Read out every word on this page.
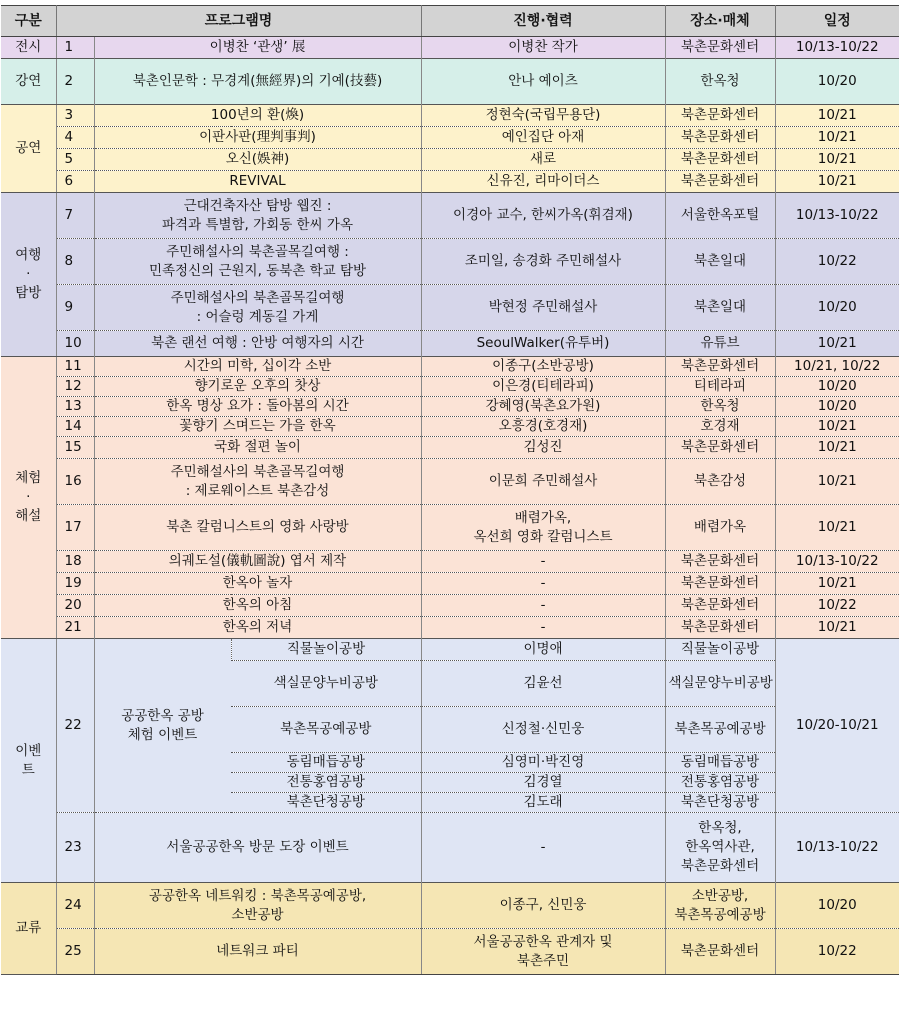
구분	프로그램명			진행·협력	장소·매체	일정
전시	1	이병찬 ‘관생’ 展		이병찬 작가	북촌문화센터	10/13-10/22
강연	2	북촌인문학 : 무경계(無經界)의 기예(技藝)		안나 예이츠	한옥청	10/20
공연	3	100년의 환(煥)		정현숙(국립무용단)	북촌문화센터	10/21
	4	이판사판(理判事判)		예인집단 아재	북촌문화센터	10/21
	5	오신(娛神)		새로	북촌문화센터	10/21
	6	REVIVAL		신유진, 리마이더스	북촌문화센터	10/21
여행
·
탐방	7	근대건축자산 탐방 웹진 :
파격과 특별함, 가회동 한씨 가옥		이경아 교수, 한씨가옥(휘겸재)	서울한옥포털	10/13-10/22
	8	주민해설사의 북촌골목길여행 :
민족정신의 근원지, 동북촌 학교 탐방		조미일, 송경화 주민해설사	북촌일대	10/22
	9	주민해설사의 북촌골목길여행
: 어슬렁 계동길 가게		박현정 주민해설사	북촌일대	10/20
	10	북촌 랜선 여행 : 안방 여행자의 시간		SeoulWalker(유투버)	유튜브	10/21
체험
·
해설	11	시간의 미학, 십이각 소반		이종구(소반공방)	북촌문화센터	10/21, 10/22
	12	향기로운 오후의 찻상		이은경(티테라피)	티테라피	10/20
	13	한옥 명상 요가 : 돌아봄의 시간		강혜영(북촌요가원)	한옥청	10/20
	14	꽃향기 스며드는 가을 한옥		오흥경(호경재)	호경재	10/21
	15	국화 절편 놀이		김성진	북촌문화센터	10/21
	16	주민해설사의 북촌골목길여행
: 제로웨이스트 북촌감성		이문희 주민해설사	북촌감성	10/21
	17	북촌 칼럼니스트의 영화 사랑방		배렴가옥,
옥선희 영화 칼럼니스트	배렴가옥	10/21
	18	의궤도설(儀軌圖說) 엽서 제작		-	북촌문화센터	10/13-10/22
	19	한옥아 놀자		-	북촌문화센터	10/21
	20	한옥의 아침		-	북촌문화센터	10/22
	21	한옥의 저녁		-	북촌문화센터	10/21
이벤
트	22	공공한옥 공방
체험 이벤트	직물놀이공방	이명애	직물놀이공방	10/20-10/21
			색실문양누비공방	김윤선	색실문양누비공방	
			북촌목공예공방	신정철·신민웅	북촌목공예공방	
			동림매듭공방	심영미·박진영	동림매듭공방	
			전통홍염공방	김경열	전통홍염공방	
			북촌단청공방	김도래	북촌단청공방	
	23	서울공공한옥 방문 도장 이벤트		-	한옥청,
한옥역사관,
북촌문화센터	10/13-10/22
교류	24	공공한옥 네트워킹 : 북촌목공예공방,
소반공방		이종구, 신민웅	소반공방,
북촌목공예공방	10/20
	25	네트워크 파티		서울공공한옥 관계자 및
북촌주민	북촌문화센터	10/22
